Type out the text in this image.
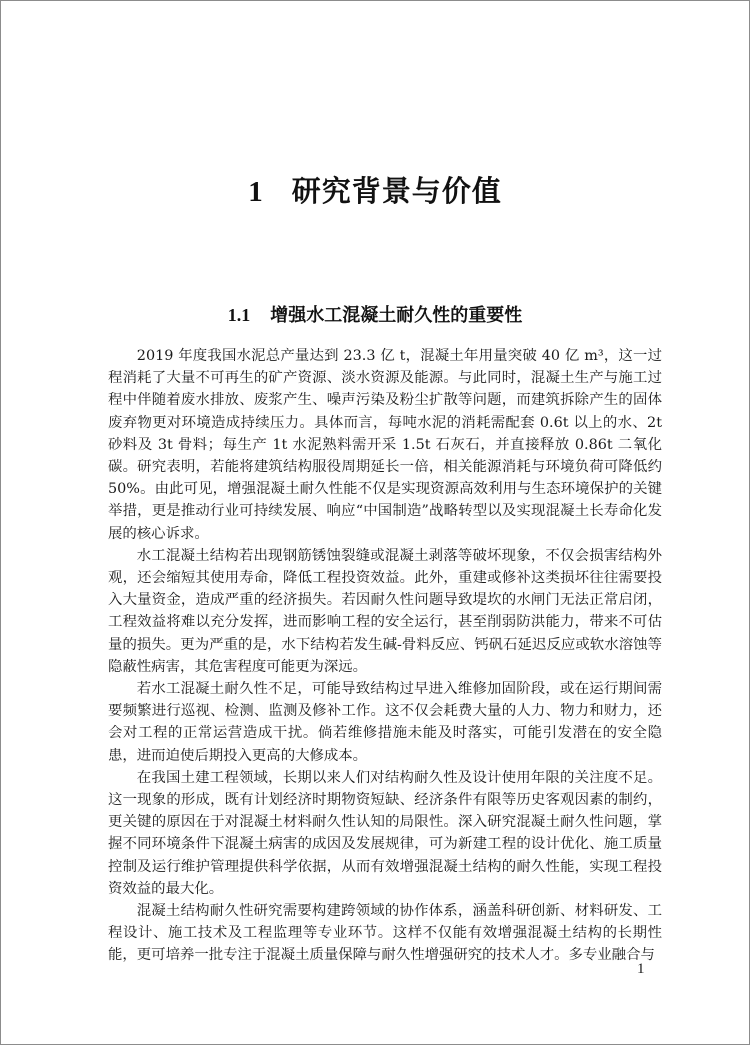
1 研究背景与价值
1.1 增强水工混凝土耐久性的重要性

2019 年度我国水泥总产量达到 23.3 亿 t，混凝土年用量突破 40 亿 m³，这一过程消耗了大量不可再生的矿产资源、淡水资源及能源。与此同时，混凝土生产与施工过程中伴随着废水排放、废浆产生、噪声污染及粉尘扩散等问题，而建筑拆除产生的固体废弃物更对环境造成持续压力。具体而言，每吨水泥的消耗需配套 0.6t 以上的水、2t 砂料及 3t 骨料；每生产 1t 水泥熟料需开采 1.5t 石灰石，并直接释放 0.86t 二氧化碳。研究表明，若能将建筑结构服役周期延长一倍，相关能源消耗与环境负荷可降低约 50%。由此可见，增强混凝土耐久性能不仅是实现资源高效利用与生态环境保护的关键举措，更是推动行业可持续发展、响应“中国制造”战略转型以及实现混凝土长寿命化发展的核心诉求。

水工混凝土结构若出现钢筋锈蚀裂缝或混凝土剥落等破坏现象，不仅会损害结构外观，还会缩短其使用寿命，降低工程投资效益。此外，重建或修补这类损坏往往需要投入大量资金，造成严重的经济损失。若因耐久性问题导致堤坎的水闸门无法正常启闭，工程效益将难以充分发挥，进而影响工程的安全运行，甚至削弱防洪能力，带来不可估量的损失。更为严重的是，水下结构若发生碱-骨料反应、钙矾石延迟反应或软水溶蚀等隐蔽性病害，其危害程度可能更为深远。

若水工混凝土耐久性不足，可能导致结构过早进入维修加固阶段，或在运行期间需要频繁进行巡视、检测、监测及修补工作。这不仅会耗费大量的人力、物力和财力，还会对工程的正常运营造成干扰。倘若维修措施未能及时落实，可能引发潜在的安全隐患，进而迫使后期投入更高的大修成本。

在我国土建工程领域，长期以来人们对结构耐久性及设计使用年限的关注度不足。这一现象的形成，既有计划经济时期物资短缺、经济条件有限等历史客观因素的制约，更关键的原因在于对混凝土材料耐久性认知的局限性。深入研究混凝土耐久性问题，掌握不同环境条件下混凝土病害的成因及发展规律，可为新建工程的设计优化、施工质量控制及运行维护管理提供科学依据，从而有效增强混凝土结构的耐久性能，实现工程投资效益的最大化。

混凝土结构耐久性研究需要构建跨领域的协作体系，涵盖科研创新、材料研发、工程设计、施工技术及工程监理等专业环节。这样不仅能有效增强混凝土结构的长期性能，更可培养一批专注于混凝土质量保障与耐久性增强研究的技术人才。多专业融合与

1
